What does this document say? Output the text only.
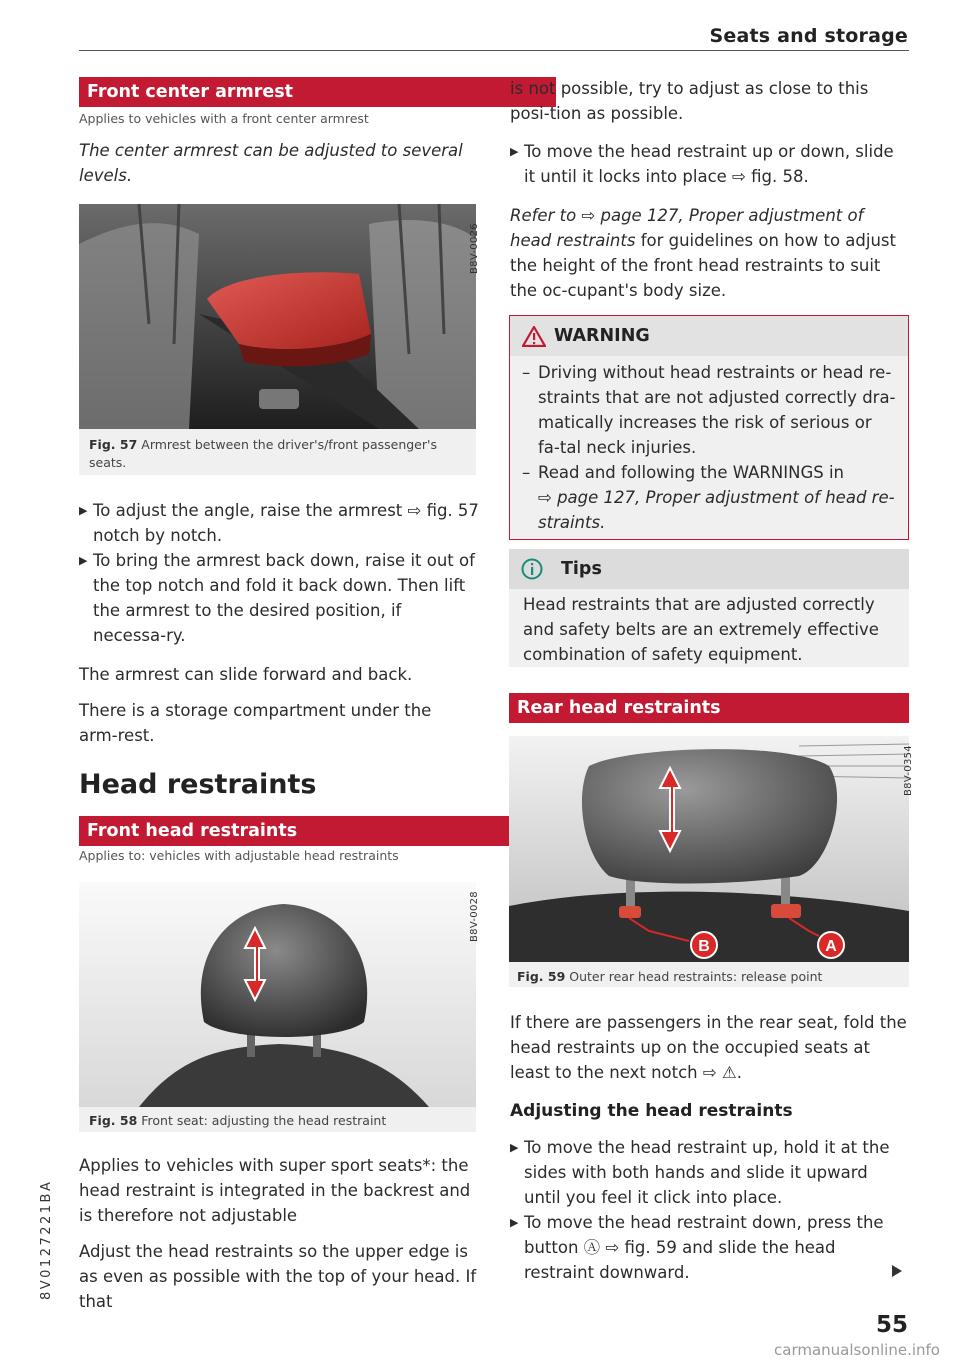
Seats and storage
Front center armrest
Applies to vehicles with a front center armrest
The center armrest can be adjusted to several levels.
B8V-0026
Fig. 57 Armrest between the driver's/front passenger's seats.
▶ To adjust the angle, raise the armrest ⇨ fig. 57 notch by notch.
▶ To bring the armrest back down, raise it out of the top notch and fold it back down. Then lift the armrest to the desired position, if necessa-ry.
The armrest can slide forward and back.
There is a storage compartment under the arm-rest.
Head restraints
Front head restraints
Applies to: vehicles with adjustable head restraints
B8V-0028
Fig. 58 Front seat: adjusting the head restraint
Applies to vehicles with super sport seats*: the head restraint is integrated in the backrest and is therefore not adjustable
Adjust the head restraints so the upper edge is as even as possible with the top of your head. If that
is not possible, try to adjust as close to this posi-tion as possible.
▶ To move the head restraint up or down, slide it until it locks into place ⇨ fig. 58.
Refer to ⇨ page 127, Proper adjustment of head restraints for guidelines on how to adjust the height of the front head restraints to suit the oc-cupant's body size.
WARNING
– Driving without head restraints or head re-straints that are not adjusted correctly dra-matically increases the risk of serious or fa-tal neck injuries.
– Read and following the WARNINGS in
⇨ page 127, Proper adjustment of head re-straints.
Tips
Head restraints that are adjusted correctly and safety belts are an extremely effective combination of safety equipment.
Rear head restraints
B	A
B8V-0354
Fig. 59 Outer rear head restraints: release point
If there are passengers in the rear seat, fold the head restraints up on the occupied seats at least to the next notch ⇨ ⚠.
Adjusting the head restraints
▶ To move the head restraint up, hold it at the sides with both hands and slide it upward until you feel it click into place.
▶ To move the head restraint down, press the button Ⓐ ⇨ fig. 59 and slide the head restraint downward.
8V0127221BA
55
carmanualsonline.info
